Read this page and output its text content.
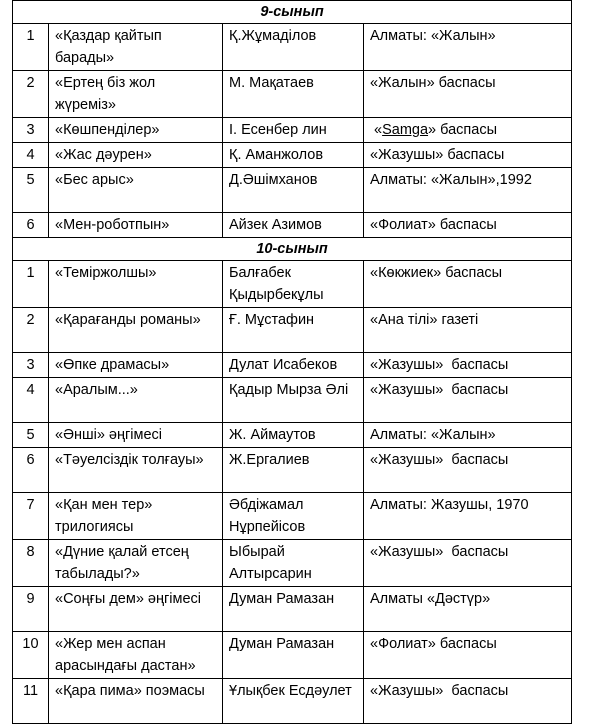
9-сынып			
1	«Қаздар қайтып барады»	Қ.Жұмаділов	Алматы: «Жалын»
2	«Ертең біз жол жүреміз»	М. Мақатаев	«Жалын» баспасы
3	«Көшпенділер»	І. Есенбер лин	«Samga» баспасы
4	«Жас дәурен»	Қ. Аманжолов	«Жазушы» баспасы
5	«Бес арыс»	Д.Әшімханов	Алматы: «Жалын»,1992
6	«Мен-роботпын»	Айзек Азимов	«Фолиат» баспасы
10-сынып			
1	«Теміржолшы»	Балғабек Қыдырбекұлы	«Көкжиек» баспасы
2	«Қарағанды романы»	Ғ. Мұстафин	«Ана тілі» газеті
3	«Өпке драмасы»	Дулат Исабеков	«Жазушы»  баспасы
4	«Аралым...»	Қадыр Мырза Әлі	«Жазушы»  баспасы
5	«Әнші» әңгімесі	Ж. Аймаутов	Алматы: «Жалын»
6	«Тәуелсіздік толғауы»	Ж.Ергалиев	«Жазушы»  баспасы
7	«Қан мен тер» трилогиясы	Әбдіжамал Нұрпейісов	Алматы: Жазушы, 1970
8	«Дүние қалай етсең табылады?»	Ыбырай Алтырсарин	«Жазушы»  баспасы
9	«Соңғы дем» әңгімесі	Думан Рамазан	Алматы «Дәстүр»
10	«Жер мен аспан арасындағы дастан»	Думан Рамазан	«Фолиат» баспасы
11	«Қара пима» поэмасы	Ұлықбек Есдәулет	«Жазушы»  баспасы
